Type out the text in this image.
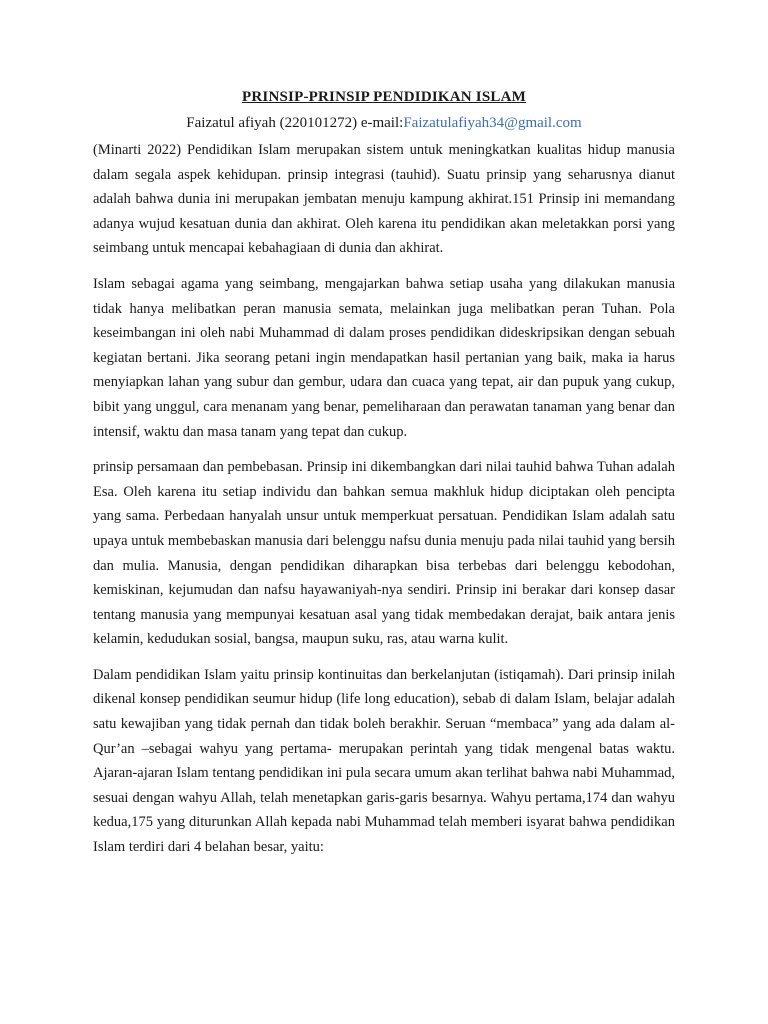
PRINSIP-PRINSIP PENDIDIKAN ISLAM
Faizatul afiyah (220101272) e-mail:Faizatulafiyah34@gmail.com

(Minarti 2022) Pendidikan Islam merupakan sistem untuk meningkatkan kualitas hidup manusia dalam segala aspek kehidupan. prinsip integrasi (tauhid). Suatu prinsip yang seharusnya dianut adalah bahwa dunia ini merupakan jembatan menuju kampung akhirat.151 Prinsip ini memandang adanya wujud kesatuan dunia dan akhirat. Oleh karena itu pendidikan akan meletakkan porsi yang seimbang untuk mencapai kebahagiaan di dunia dan akhirat.

Islam sebagai agama yang seimbang, mengajarkan bahwa setiap usaha yang dilakukan manusia tidak hanya melibatkan peran manusia semata, melainkan juga melibatkan peran Tuhan. Pola keseimbangan ini oleh nabi Muhammad di dalam proses pendidikan dideskripsikan dengan sebuah kegiatan bertani. Jika seorang petani ingin mendapatkan hasil pertanian yang baik, maka ia harus menyiapkan lahan yang subur dan gembur, udara dan cuaca yang tepat, air dan pupuk yang cukup, bibit yang unggul, cara menanam yang benar, pemeliharaan dan perawatan tanaman yang benar dan intensif, waktu dan masa tanam yang tepat dan cukup.

prinsip persamaan dan pembebasan. Prinsip ini dikembangkan dari nilai tauhid bahwa Tuhan adalah Esa. Oleh karena itu setiap individu dan bahkan semua makhluk hidup diciptakan oleh pencipta yang sama. Perbedaan hanyalah unsur untuk memperkuat persatuan. Pendidikan Islam adalah satu upaya untuk membebaskan manusia dari belenggu nafsu dunia menuju pada nilai tauhid yang bersih dan mulia. Manusia, dengan pendidikan diharapkan bisa terbebas dari belenggu kebodohan, kemiskinan, kejumudan dan nafsu hayawaniyah-nya sendiri. Prinsip ini berakar dari konsep dasar tentang manusia yang mempunyai kesatuan asal yang tidak membedakan derajat, baik antara jenis kelamin, kedudukan sosial, bangsa, maupun suku, ras, atau warna kulit.

Dalam pendidikan Islam yaitu prinsip kontinuitas dan berkelanjutan (istiqamah). Dari prinsip inilah dikenal konsep pendidikan seumur hidup (life long education), sebab di dalam Islam, belajar adalah satu kewajiban yang tidak pernah dan tidak boleh berakhir. Seruan “membaca” yang ada dalam al-Qur’an –sebagai wahyu yang pertama- merupakan perintah yang tidak mengenal batas waktu. Ajaran-ajaran Islam tentang pendidikan ini pula secara umum akan terlihat bahwa nabi Muhammad, sesuai dengan wahyu Allah, telah menetapkan garis-garis besarnya. Wahyu pertama,174 dan wahyu kedua,175 yang diturunkan Allah kepada nabi Muhammad telah memberi isyarat bahwa pendidikan Islam terdiri dari 4 belahan besar, yaitu:
